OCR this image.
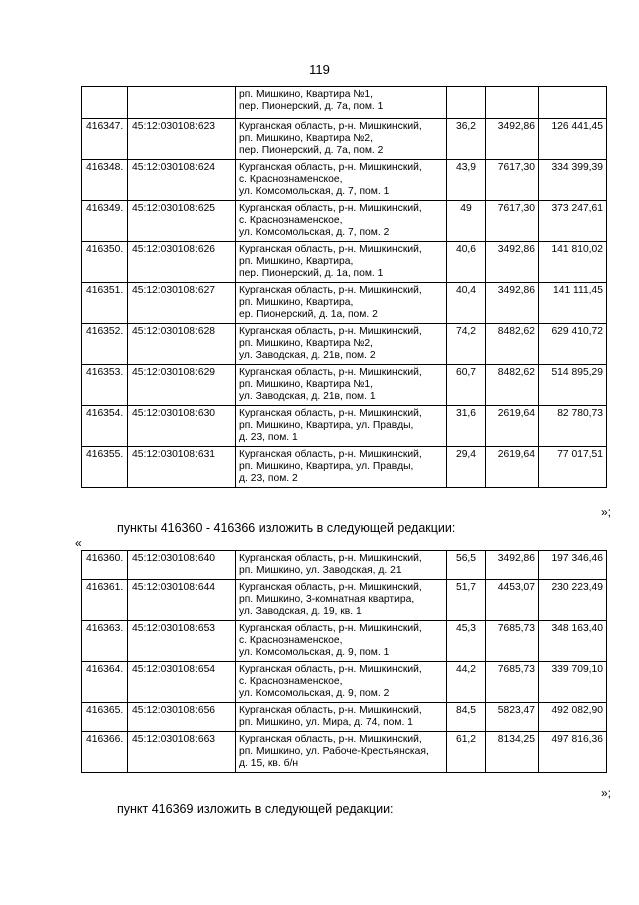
119

		рп. Мишкино, Квартира №1,
пер. Пионерский, д. 7а, пом. 1			

416347.	45:12:030108:623	Курганская область, р-н. Мишкинский,
рп. Мишкино, Квартира №2,
пер. Пионерский, д. 7а, пом. 2	36,2	3492,86	126 441,45
416348.	45:12:030108:624	Курганская область, р-н. Мишкинский,
с. Краснознаменское,
ул. Комсомольская, д. 7, пом. 1	43,9	7617,30	334 399,39
416349.	45:12:030108:625	Курганская область, р-н. Мишкинский,
с. Краснознаменское,
ул. Комсомольская, д. 7, пом. 2	49	7617,30	373 247,61
416350.	45:12:030108:626	Курганская область, р-н. Мишкинский,
рп. Мишкино, Квартира,
пер. Пионерский, д. 1а, пом. 1	40,6	3492,86	141 810,02
416351.	45:12:030108:627	Курганская область, р-н. Мишкинский,
рп. Мишкино, Квартира,
ер. Пионерский, д. 1а, пом. 2	40,4	3492,86	141 111,45
416352.	45:12:030108:628	Курганская область, р-н. Мишкинский,
рп. Мишкино, Квартира №2,
ул. Заводская, д. 21в, пом. 2	74,2	8482,62	629 410,72
416353.	45:12:030108:629	Курганская область, р-н. Мишкинский,
рп. Мишкино, Квартира №1,
ул. Заводская, д. 21в, пом. 1	60,7	8482,62	514 895,29
416354.	45:12:030108:630	Курганская область, р-н. Мишкинский,
рп. Мишкино, Квартира, ул. Правды,
д. 23, пом. 1	31,6	2619,64	82 780,73
416355.	45:12:030108:631	Курганская область, р-н. Мишкинский,
рп. Мишкино, Квартира, ул. Правды,
д. 23, пом. 2	29,4	2619,64	77 017,51
»;
пункты 416360 - 416366 изложить в следующей редакции:
«
416360.	45:12:030108:640	Курганская область, р-н. Мишкинский,
рп. Мишкино, ул. Заводская, д. 21	56,5	3492,86	197 346,46
416361.	45:12:030108:644	Курганская область, р-н. Мишкинский,
рп. Мишкино, 3-комнатная квартира,
ул. Заводская, д. 19, кв. 1	51,7	4453,07	230 223,49
416363.	45:12:030108:653	Курганская область, р-н. Мишкинский,
с. Краснознаменское,
ул. Комсомольская, д. 9, пом. 1	45,3	7685,73	348 163,40
416364.	45:12:030108:654	Курганская область, р-н. Мишкинский,
с. Краснознаменское,
ул. Комсомольская, д. 9, пом. 2	44,2	7685,73	339 709,10
416365.	45:12:030108:656	Курганская область, р-н. Мишкинский,
рп. Мишкино, ул. Мира, д. 74, пом. 1	84,5	5823,47	492 082,90
416366.	45:12:030108:663	Курганская область, р-н. Мишкинский,
рп. Мишкино, ул. Рабоче-Крестьянская,
д. 15, кв. б/н	61,2	8134,25	497 816,36
»;
пункт 416369 изложить в следующей редакции:
